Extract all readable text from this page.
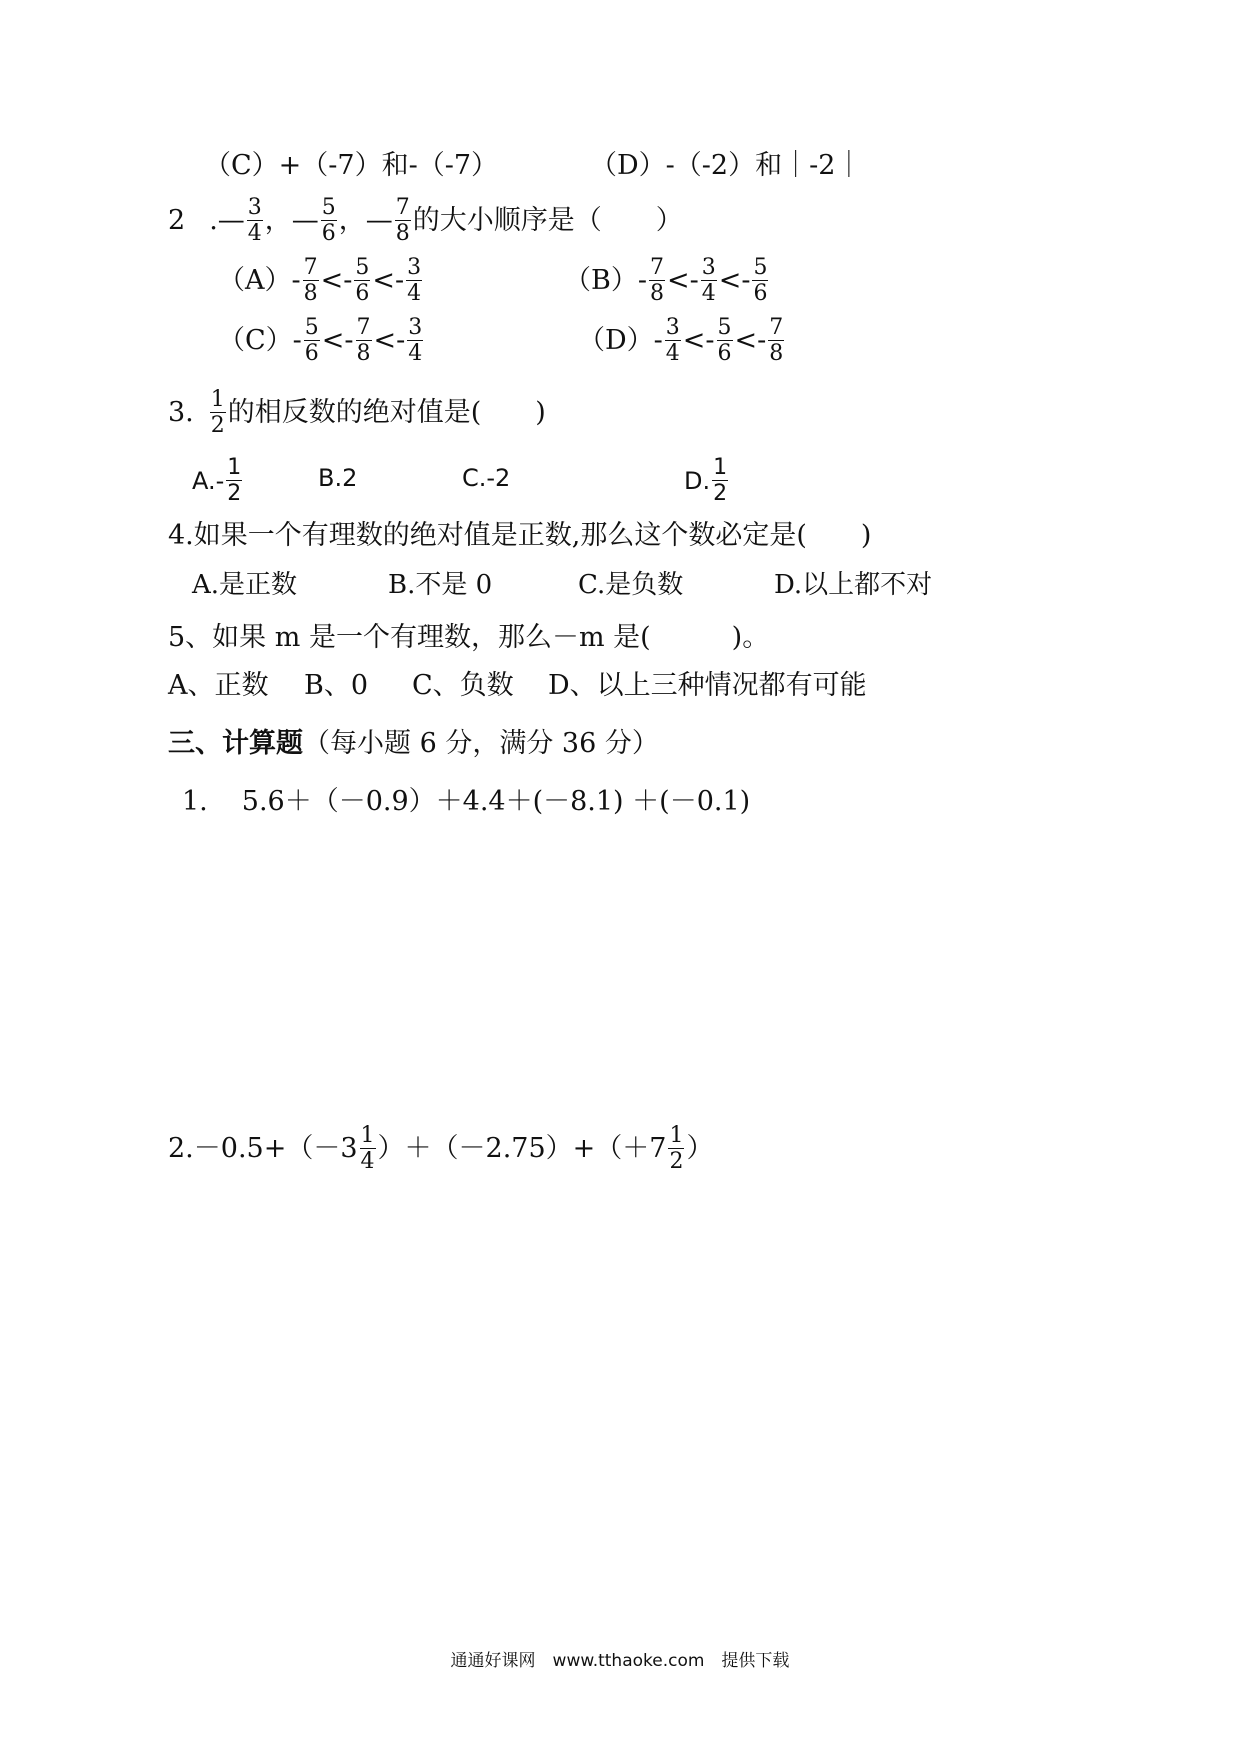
（C） +（-7）和-（-7）	（D） -（-2）和｜-2｜
2 .— $\frac{3}{4}$ ，— $\frac{5}{6}$ ，— $\frac{7}{8}$ 的大小顺序是（　　）
$(A) - \frac{7}{8} <- \frac{5}{6} <- \frac{3}{4}$	$(B) - \frac{7}{8} <- \frac{3}{4} <- \frac{5}{6}$
$(C) - \frac{5}{6} <- \frac{7}{8} <- \frac{3}{4}$	$(D) - \frac{3}{4} <- \frac{5}{6} <- \frac{7}{8}$
3. $\frac{1}{2}$ 的相反数的绝对值是(　　)
$A.- \frac{1}{2}$	B.2	C.-2	D. $\frac{1}{2}$
4.如果一个有理数的绝对值是正数,那么这个数必定是(　　)
A.是正数	B.不是 0	C.是负数	D.以上都不对
5、如果 m 是一个有理数，那么－m 是(　　　)。
A、正数 B、0 C、负数 D、以上三种情况都有可能
三、计算题 （每小题 6 分，满分 36 分）
1. 5.6＋（－0.9）＋4.4＋(－8.1) ＋(－0.1)
$2.-0.5+(-3 \frac{1}{4} )+(-2.75)+(+7 \frac{1}{2}$ ）
通通好课网　www.tthaoke.com　提供下载
